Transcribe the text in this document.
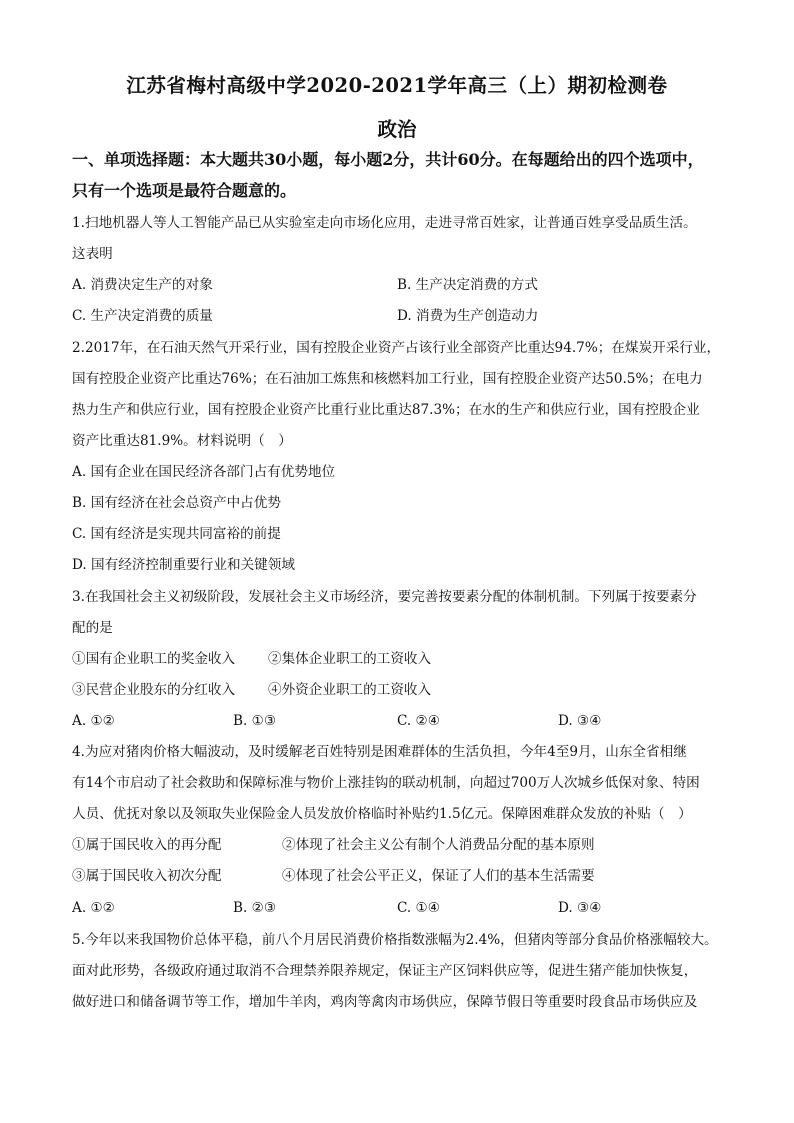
江苏省梅村高级中学2020-2021学年高三（上）期初检测卷
政治
一、单项选择题：本大题共30小题，每小题2分，共计60分。在每题给出的四个选项中，
只有一个选项是最符合题意的。
1.扫地机器人等人工智能产品已从实验室走向市场化应用，走进寻常百姓家，让普通百姓享受品质生活。
这表明
A. 消费决定生产的对象	B. 生产决定消费的方式
C. 生产决定消费的质量	D. 消费为生产创造动力
2.2017年，在石油天然气开采行业，国有控股企业资产占该行业全部资产比重达94.7%；在煤炭开采行业，
国有控股企业资产比重达76%；在石油加工炼焦和核燃料加工行业，国有控股企业资产达50.5%；在电力
热力生产和供应行业，国有控股企业资产比重行业比重达87.3%；在水的生产和供应行业，国有控股企业
资产比重达81.9%。材料说明（　）
A. 国有企业在国民经济各部门占有优势地位
B. 国有经济在社会总资产中占优势
C. 国有经济是实现共同富裕的前提
D. 国有经济控制重要行业和关键领域
3.在我国社会主义初级阶段，发展社会主义市场经济，要完善按要素分配的体制机制。下列属于按要素分
配的是
①国有企业职工的奖金收入 ②集体企业职工的工资收入
③民营企业股东的分红收入 ④外资企业职工的工资收入
A. ①②	B. ①③	C. ②④	D. ③④
4.为应对猪肉价格大幅波动，及时缓解老百姓特别是困难群体的生活负担，今年4至9月，山东全省相继
有14个市启动了社会救助和保障标准与物价上涨挂钩的联动机制，向超过700万人次城乡低保对象、特困
人员、优抚对象以及领取失业保险金人员发放价格临时补贴约1.5亿元。保障困难群众发放的补贴（　）
①属于国民收入的再分配	②体现了社会主义公有制个人消费品分配的基本原则
③属于国民收入初次分配	④体现了社会公平正义，保证了人们的基本生活需要
A. ①②	B. ②③	C. ①④	D. ③④
5.今年以来我国物价总体平稳，前八个月居民消费价格指数涨幅为2.4%，但猪肉等部分食品价格涨幅较大。
面对此形势，各级政府通过取消不合理禁养限养规定，保证主产区饲料供应等，促进生猪产能加快恢复，
做好进口和储备调节等工作，增加牛羊肉，鸡肉等禽肉市场供应，保障节假日等重要时段食品市场供应及
